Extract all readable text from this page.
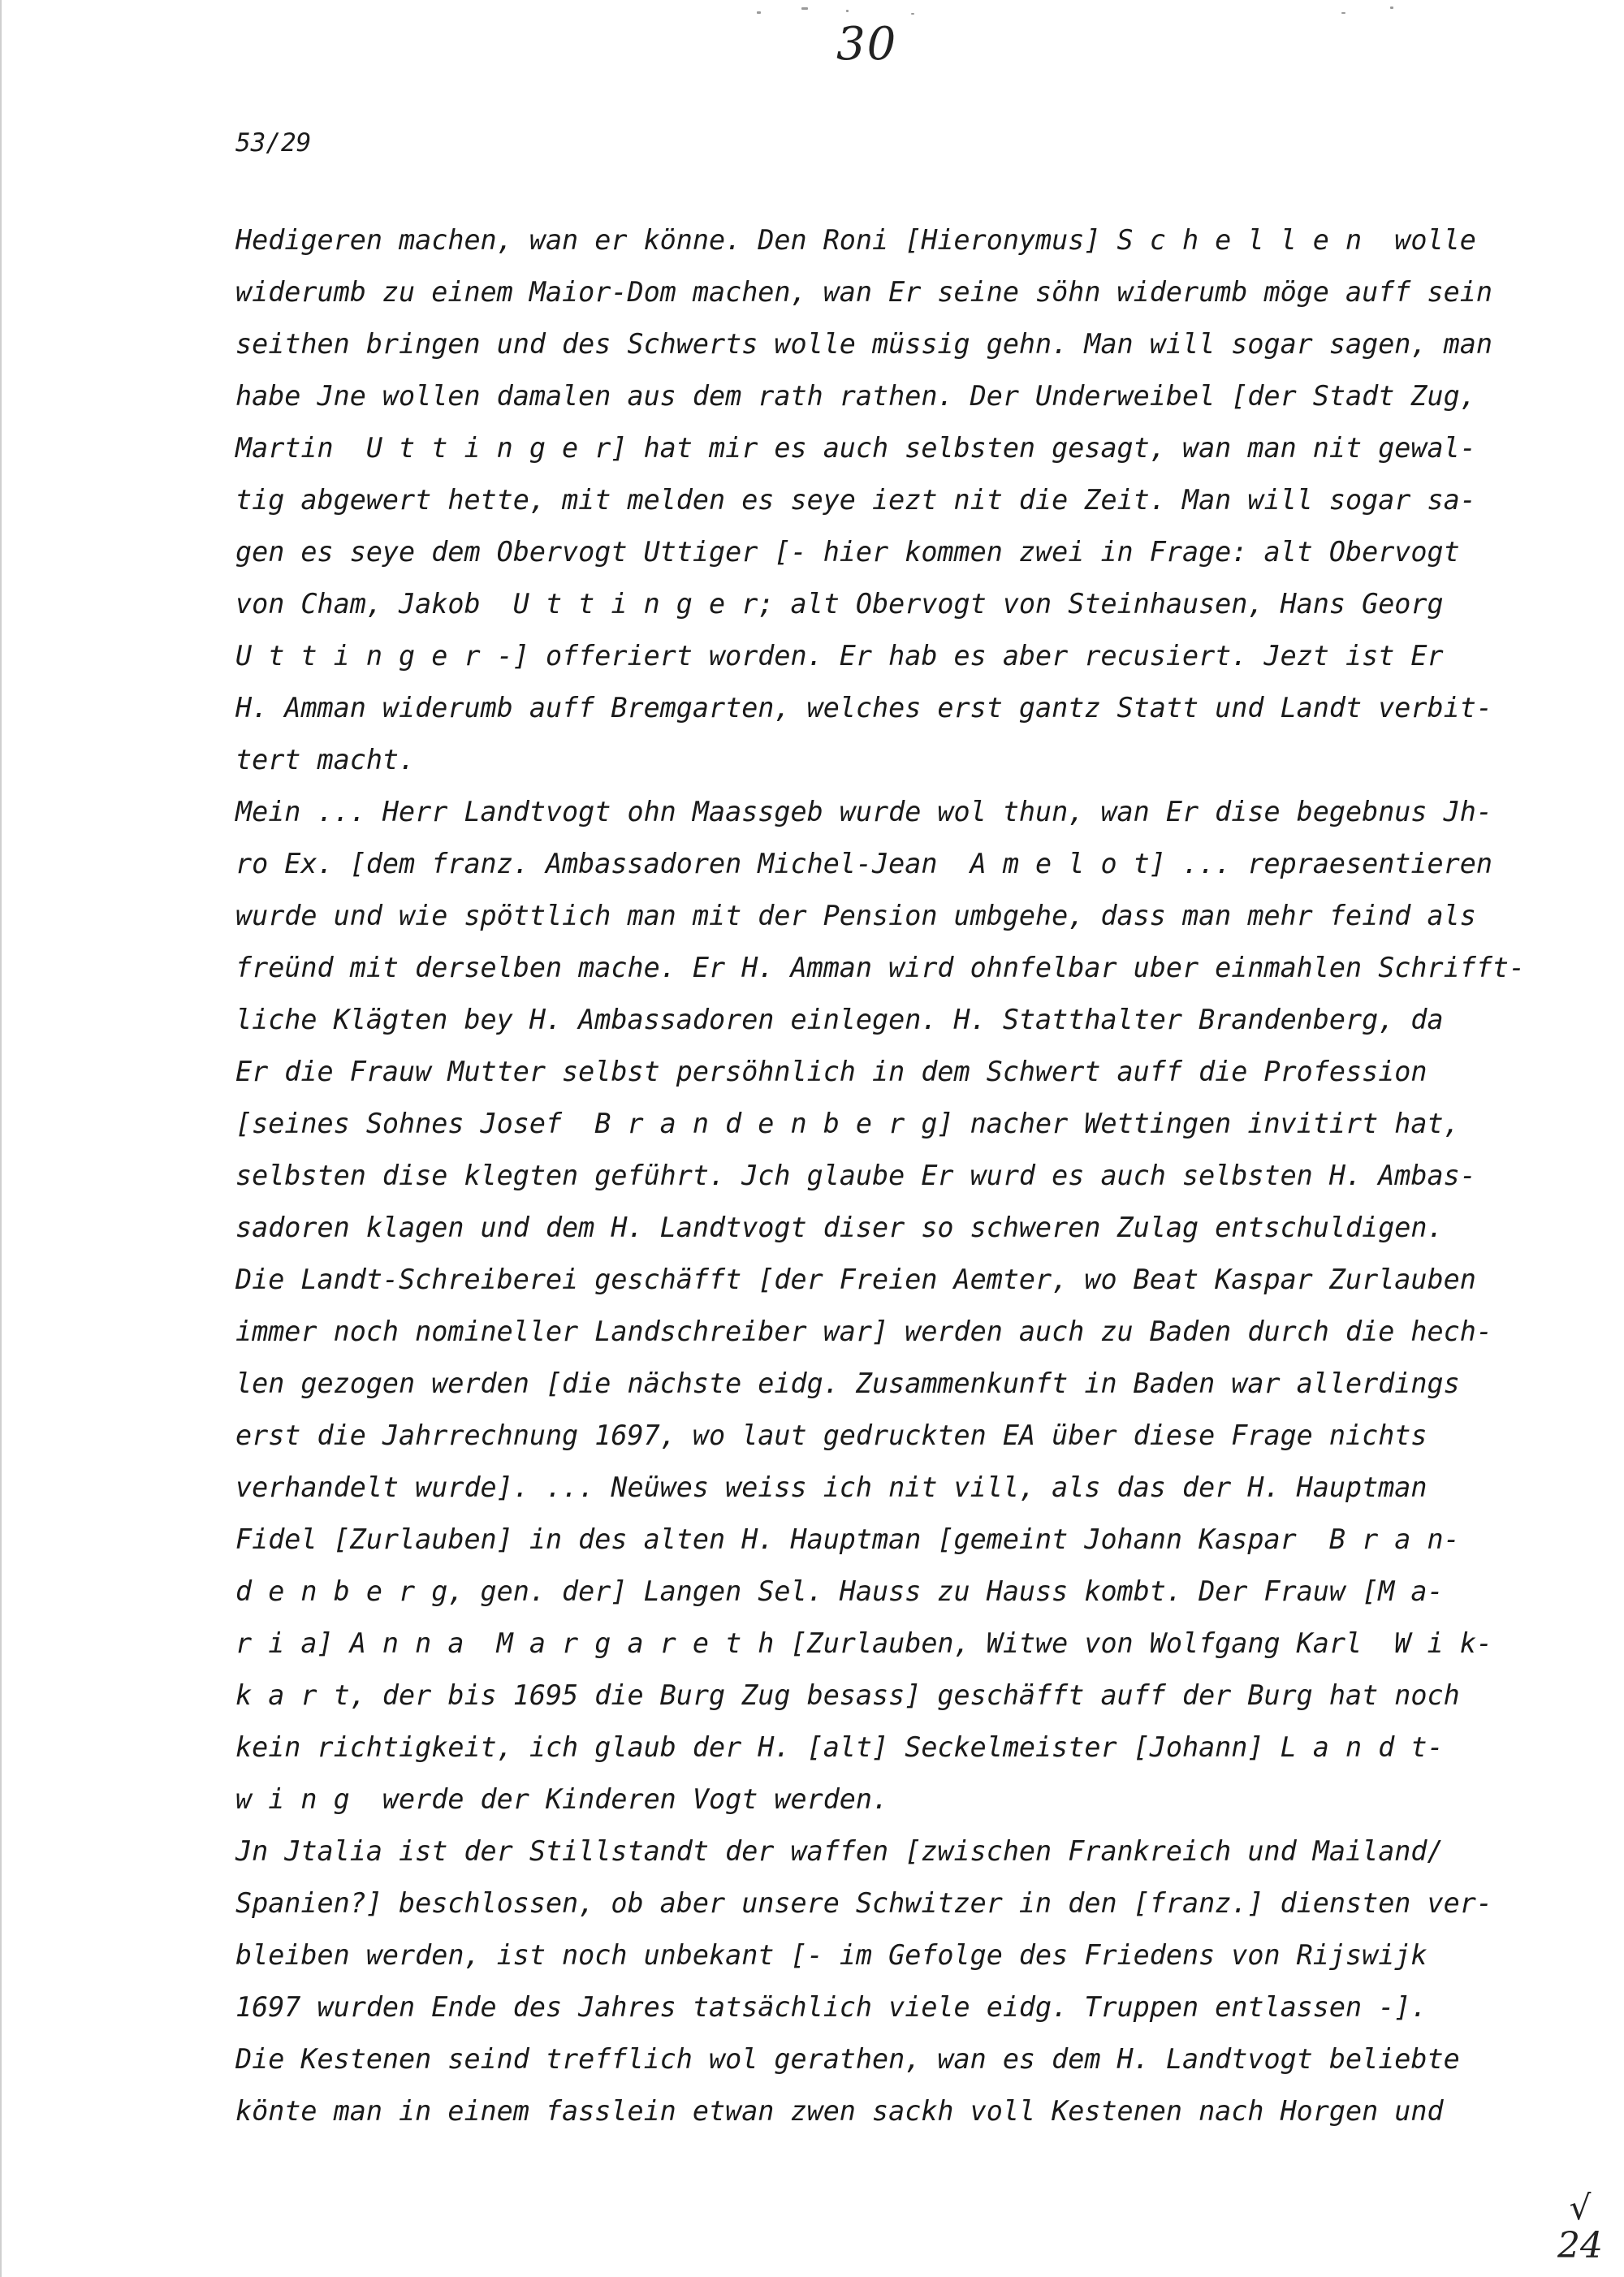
30
53/29
Hedigeren machen, wan er könne. Den Roni [Hieronymus] S c h e l l e n  wolle
widerumb zu einem Maior-Dom machen, wan Er seine söhn widerumb möge auff sein
seithen bringen und des Schwerts wolle müssig gehn. Man will sogar sagen, man
habe Jne wollen damalen aus dem rath rathen. Der Underweibel [der Stadt Zug,
Martin  U t t i n g e r] hat mir es auch selbsten gesagt, wan man nit gewal-
tig abgewert hette, mit melden es seye iezt nit die Zeit. Man will sogar sa-
gen es seye dem Obervogt Uttiger [- hier kommen zwei in Frage: alt Obervogt
von Cham, Jakob  U t t i n g e r; alt Obervogt von Steinhausen, Hans Georg
U t t i n g e r -] offeriert worden. Er hab es aber recusiert. Jezt ist Er
H. Amman widerumb auff Bremgarten, welches erst gantz Statt und Landt verbit-
tert macht.
Mein ... Herr Landtvogt ohn Maassgeb wurde wol thun, wan Er dise begebnus Jh-
ro Ex. [dem franz. Ambassadoren Michel-Jean  A m e l o t] ... repraesentieren
wurde und wie spöttlich man mit der Pension umbgehe, dass man mehr feind als
freünd mit derselben mache. Er H. Amman wird ohnfelbar uber einmahlen Schrifft-
liche Klägten bey H. Ambassadoren einlegen. H. Statthalter Brandenberg, da
Er die Frauw Mutter selbst persöhnlich in dem Schwert auff die Profession
[seines Sohnes Josef  B r a n d e n b e r g] nacher Wettingen invitirt hat,
selbsten dise klegten geführt. Jch glaube Er wurd es auch selbsten H. Ambas-
sadoren klagen und dem H. Landtvogt diser so schweren Zulag entschuldigen.
Die Landt-Schreiberei geschäfft [der Freien Aemter, wo Beat Kaspar Zurlauben
immer noch nomineller Landschreiber war] werden auch zu Baden durch die hech-
len gezogen werden [die nächste eidg. Zusammenkunft in Baden war allerdings
erst die Jahrrechnung 1697, wo laut gedruckten EA über diese Frage nichts
verhandelt wurde]. ... Neüwes weiss ich nit vill, als das der H. Hauptman
Fidel [Zurlauben] in des alten H. Hauptman [gemeint Johann Kaspar  B r a n-
d e n b e r g, gen. der] Langen Sel. Hauss zu Hauss kombt. Der Frauw [M a-
r i a] A n n a  M a r g a r e t h [Zurlauben, Witwe von Wolfgang Karl  W i k-
k a r t, der bis 1695 die Burg Zug besass] geschäfft auff der Burg hat noch
kein richtigkeit, ich glaub der H. [alt] Seckelmeister [Johann] L a n d t-
w i n g  werde der Kinderen Vogt werden.
Jn Jtalia ist der Stillstandt der waffen [zwischen Frankreich und Mailand/
Spanien?] beschlossen, ob aber unsere Schwitzer in den [franz.] diensten ver-
bleiben werden, ist noch unbekant [- im Gefolge des Friedens von Rijswijk
1697 wurden Ende des Jahres tatsächlich viele eidg. Truppen entlassen -].
Die Kestenen seind trefflich wol gerathen, wan es dem H. Landtvogt beliebte
könte man in einem fasslein etwan zwen sackh voll Kestenen nach Horgen und
√
24
